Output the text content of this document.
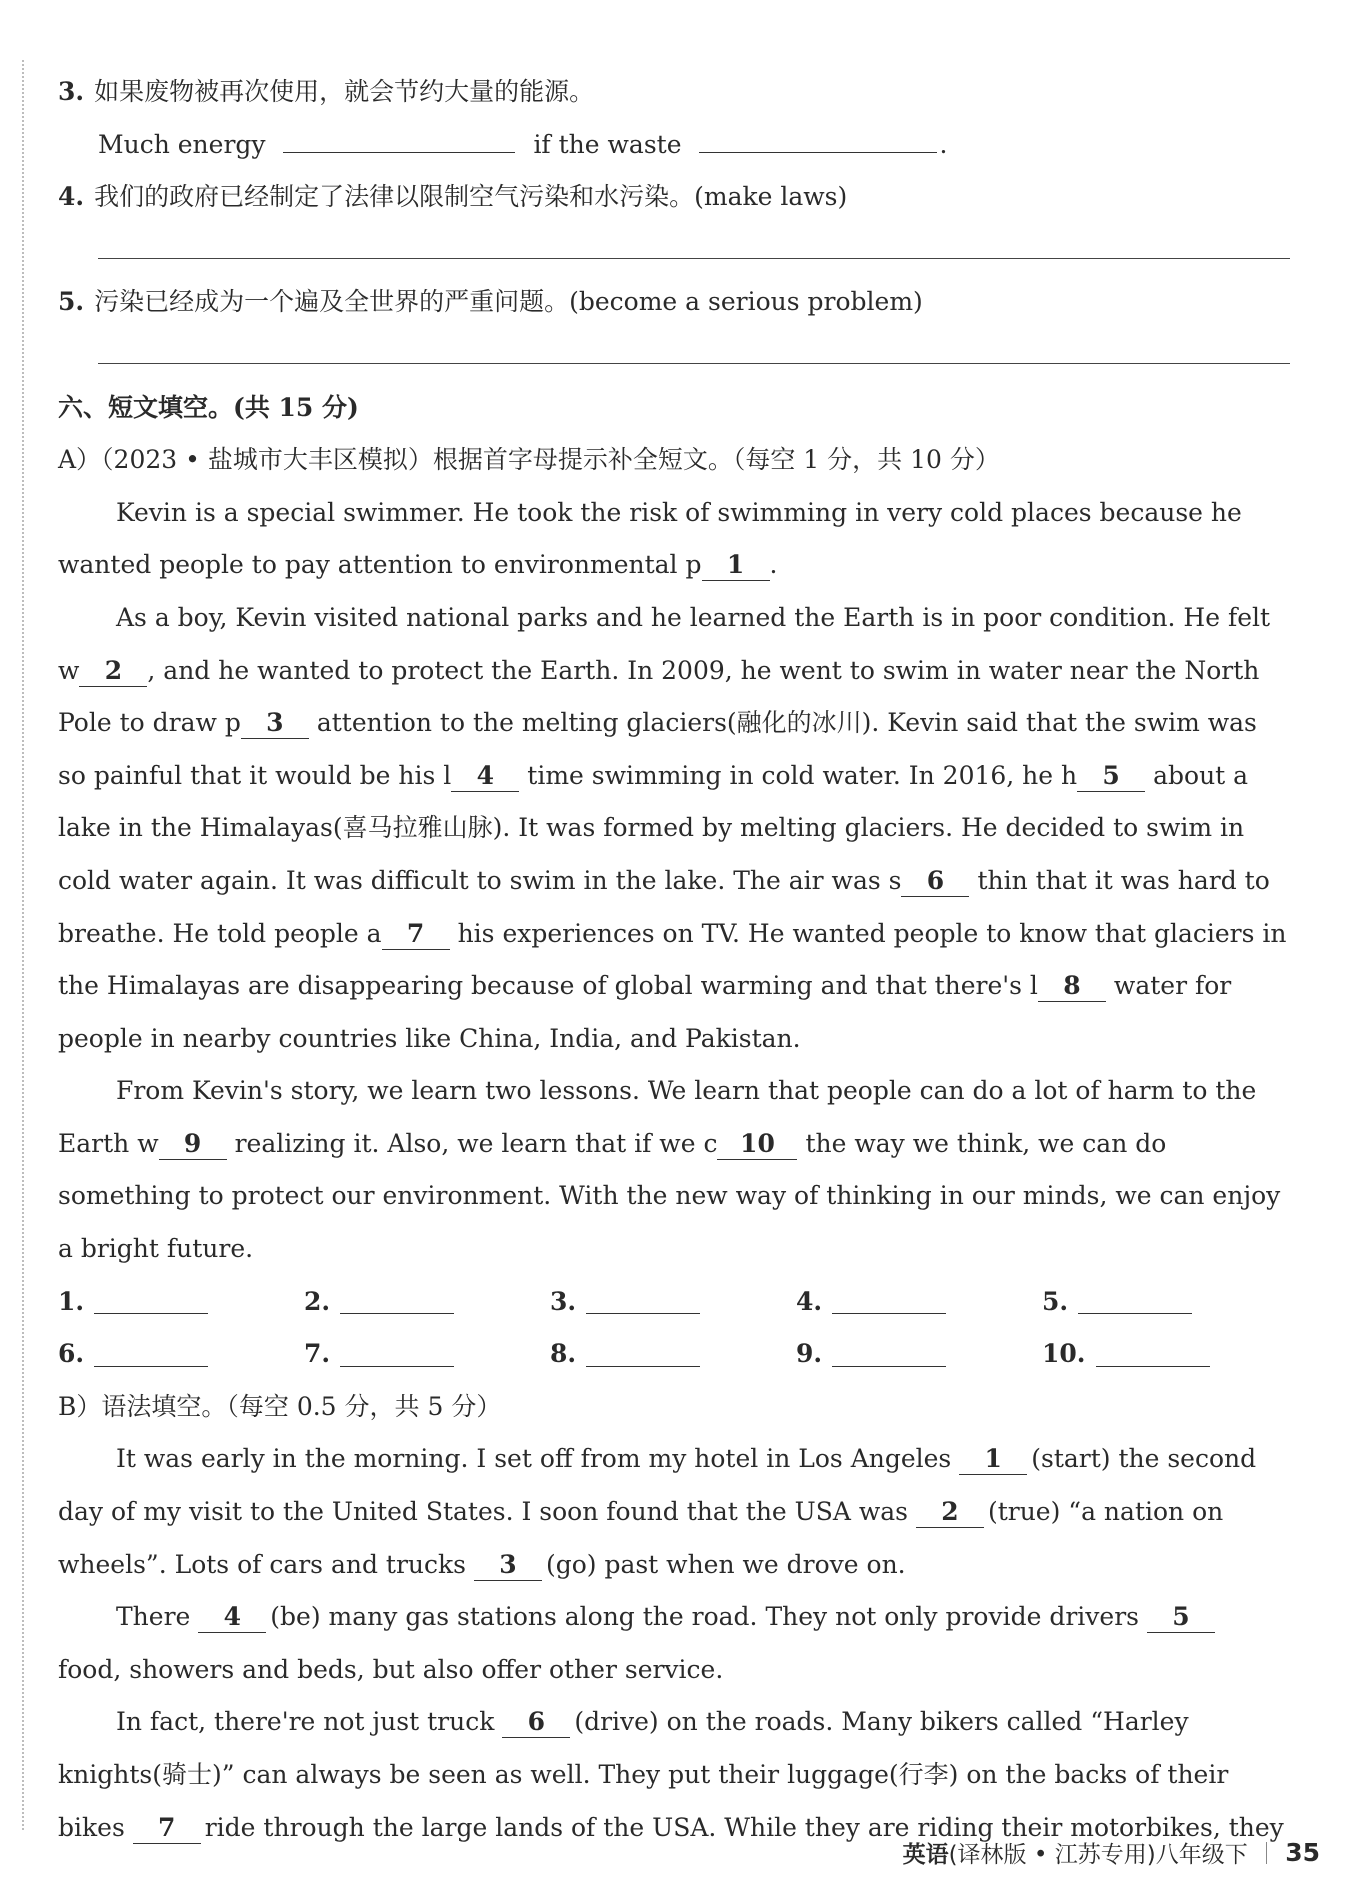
3. 如果废物被再次使用，就会节约大量的能源。
Much energy	if the waste	.
4. 我们的政府已经制定了法律以限制空气污染和水污染。(make laws)
5. 污染已经成为一个遍及全世界的严重问题。(become a serious problem)
六、短文填空。(共 15 分)
A）（2023 • 盐城市大丰区模拟）根据首字母提示补全短文。（每空 1 分，共 10 分）
Kevin is a special swimmer. He took the risk of swimming in very cold places because he
wanted people to pay attention to environmental p 1 .
As a boy, Kevin visited national parks and he learned the Earth is in poor condition. He felt
w 2 , and he wanted to protect the Earth. In 2009, he went to swim in water near the North
Pole to draw p 3 attention to the melting glaciers(融化的冰川). Kevin said that the swim was
so painful that it would be his l 4 time swimming in cold water. In 2016, he h 5 about a
lake in the Himalayas(喜马拉雅山脉). It was formed by melting glaciers. He decided to swim in
cold water again. It was difficult to swim in the lake. The air was s 6 thin that it was hard to
breathe. He told people a 7 his experiences on TV. He wanted people to know that glaciers in
the Himalayas are disappearing because of global warming and that there's l 8 water for
people in nearby countries like China, India, and Pakistan.
From Kevin's story, we learn two lessons. We learn that people can do a lot of harm to the
Earth w 9 realizing it. Also, we learn that if we c 10 the way we think, we can do
something to protect our environment. With the new way of thinking in our minds, we can enjoy
a bright future.
1.	2.	3.	4.	5.
6.	7.	8.	9.	10.
B）语法填空。（每空 0.5 分，共 5 分）
It was early in the morning. I set off from my hotel in Los Angeles 1 (start) the second
day of my visit to the United States. I soon found that the USA was 2 (true) “a nation on
wheels”. Lots of cars and trucks 3 (go) past when we drove on.
There 4 (be) many gas stations along the road. They not only provide drivers 5
food, showers and beds, but also offer other service.
In fact, there're not just truck 6 (drive) on the roads. Many bikers called “Harley
knights(骑士)” can always be seen as well. They put their luggage(行李) on the backs of their
bikes 7 ride through the large lands of the USA. While they are riding their motorbikes, they
英语 (译林版 • 江苏专用)八年级下 35
